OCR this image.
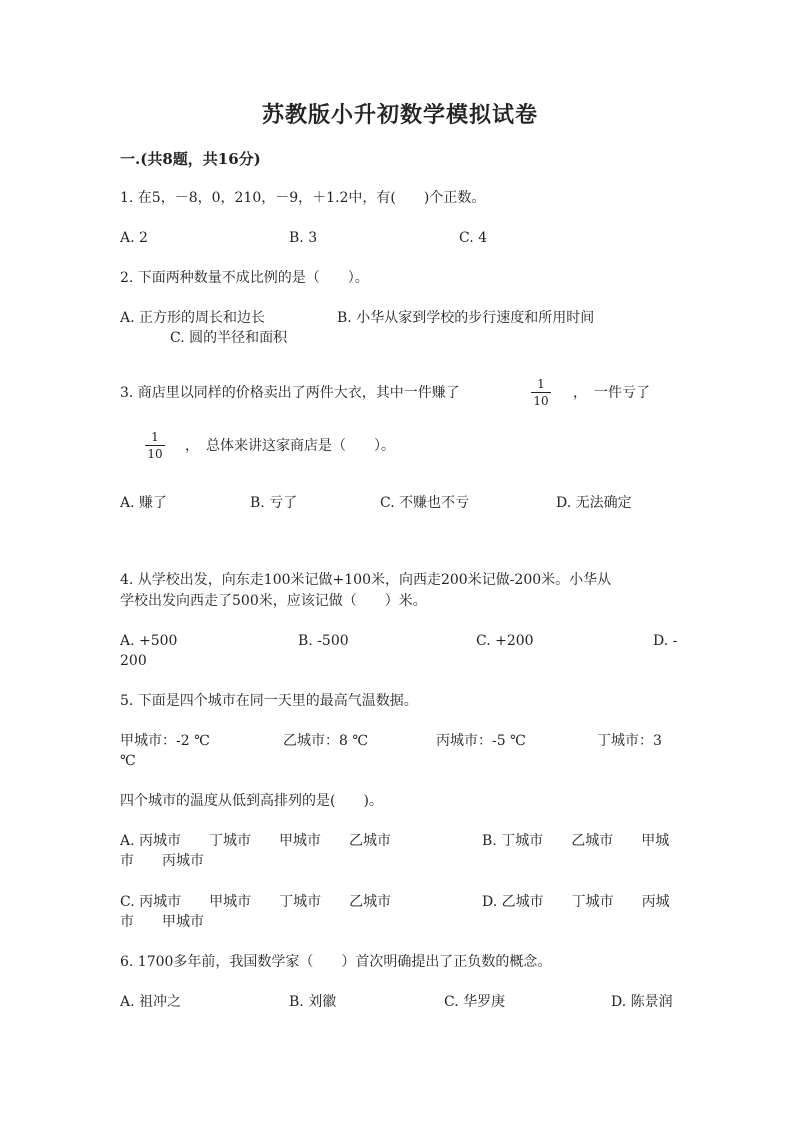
苏教版小升初数学模拟试卷
一.(共8题，共16分)
1. 在5，－8，0，210，－9，＋1.2中，有(　　)个正数。
A. 2	B. 3	C. 4
2. 下面两种数量不成比例的是（　　）。
A. 正方形的周长和边长	B. 小华从家到学校的步行速度和所用时间
C. 圆的半径和面积
3. 商店里以同样的价格卖出了两件大衣，其中一件赚了
1
10 ，　一件亏了
1
10 ，　总体来讲这家商店是（　　）。
A. 赚了	B. 亏了	C. 不赚也不亏	D. 无法确定
4. 从学校出发，向东走100米记做+100米，向西走200米记做-200米。小华从
学校出发向西走了500米，应该记做（　　）米。
A. +500	B. -500	C. +200	D. -
200
5. 下面是四个城市在同一天里的最高气温数据。
甲城市：-2 ℃	乙城市：8 ℃	丙城市：-5 ℃	丁城市：3
℃
四个城市的温度从低到高排列的是(　　)。
A. 丙城市　　丁城市　　甲城市　　乙城市	B. 丁城市　　乙城市　　甲城
市　　丙城市
C. 丙城市　　甲城市　　丁城市　　乙城市	D. 乙城市　　丁城市　　丙城
市　　甲城市
6. 1700多年前，我国数学家（　　）首次明确提出了正负数的概念。
A. 祖冲之	B. 刘徽	C. 华罗庚	D. 陈景润
